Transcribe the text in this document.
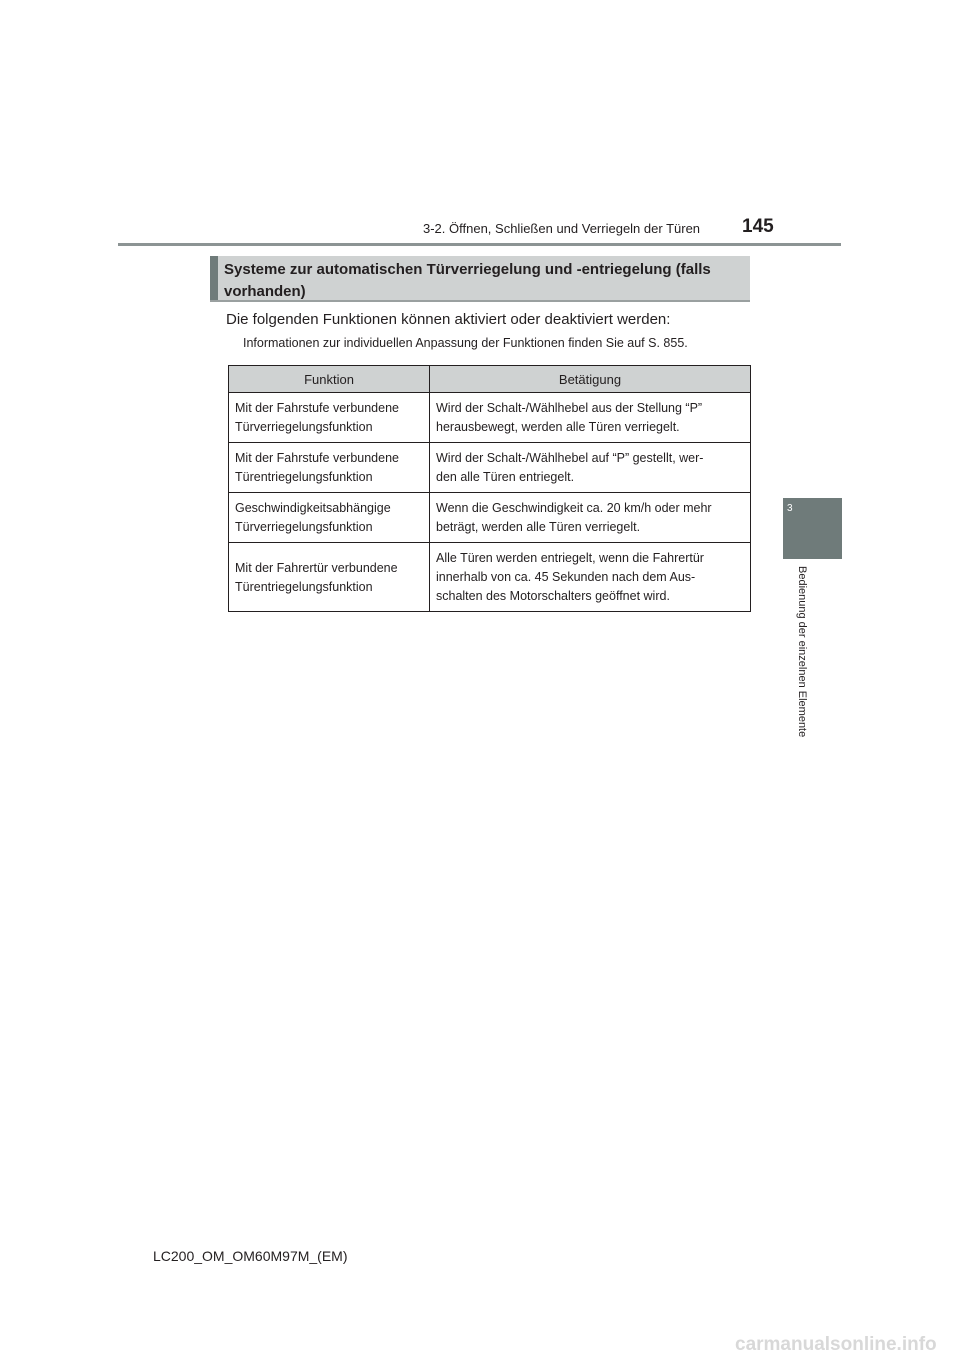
3-2. Öffnen, Schließen und Verriegeln der Türen 145
3
Bedienung der einzelnen Elemente
Systeme zur automatischen Türverriegelung und -entriegelung (falls
vorhanden)
Die folgenden Funktionen können aktiviert oder deaktiviert werden:
Informationen zur individuellen Anpassung der Funktionen finden Sie auf S. 855.
Funktion	Betätigung
Mit der Fahrstufe verbundene
Türverriegelungsfunktion	Wird der Schalt-/Wählhebel aus der Stellung “P”
herausbewegt, werden alle Türen verriegelt.
Mit der Fahrstufe verbundene
Türentriegelungsfunktion	Wird der Schalt-/Wählhebel auf “P” gestellt, wer-
den alle Türen entriegelt.
Geschwindigkeitsabhängige
Türverriegelungsfunktion	Wenn die Geschwindigkeit ca. 20 km/h oder mehr
beträgt, werden alle Türen verriegelt.
Mit der Fahrertür verbundene
Türentriegelungsfunktion	Alle Türen werden entriegelt, wenn die Fahrertür
innerhalb von ca. 45 Sekunden nach dem Aus-
schalten des Motorschalters geöffnet wird.
LC200_OM_OM60M97M_(EM)
carmanualsonline.info
